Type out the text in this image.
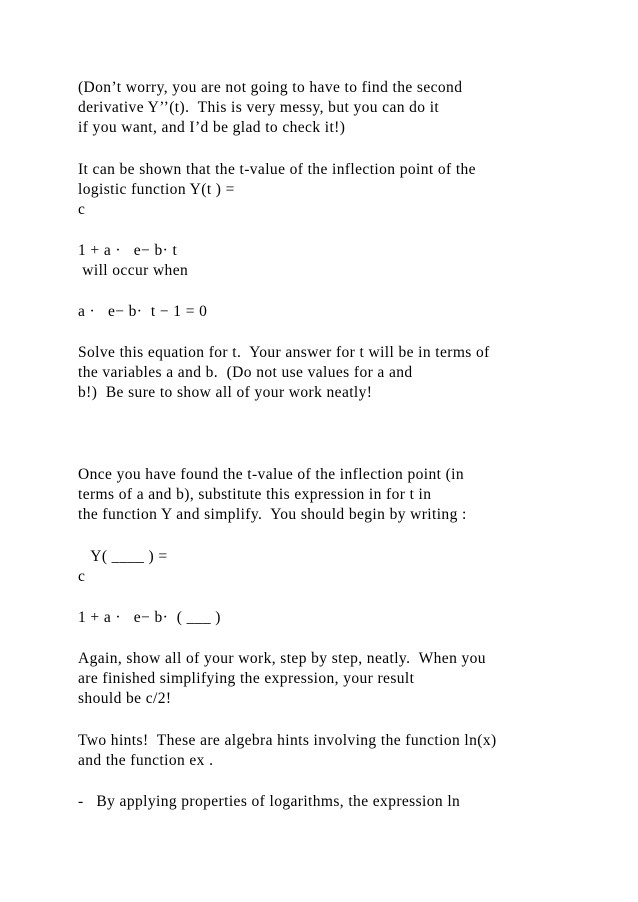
(Don’t worry, you are not going to have to find the second

derivative Y’’(t).  This is very messy, but you can do it

if you want, and I’d be glad to check it!)

It can be shown that the t-value of the inflection point of the

logistic function Y(t ) =

c

1 + a ·   e− b· t

will occur when

a ·   e− b·  t − 1 = 0

Solve this equation for t.  Your answer for t will be in terms of

the variables a and b.  (Do not use values for a and

b!)  Be sure to show all of your work neatly!

Once you have found the t-value of the inflection point (in

terms of a and b), substitute this expression in for t in

the function Y and simplify.  You should begin by writing :

Y( ____ ) =

c

1 + a ·   e− b·  ( ___ )

Again, show all of your work, step by step, neatly.  When you

are finished simplifying the expression, your result

should be c/2!

Two hints!  These are algebra hints involving the function ln(x)

and the function ex .

-   By applying properties of logarithms, the expression ln
